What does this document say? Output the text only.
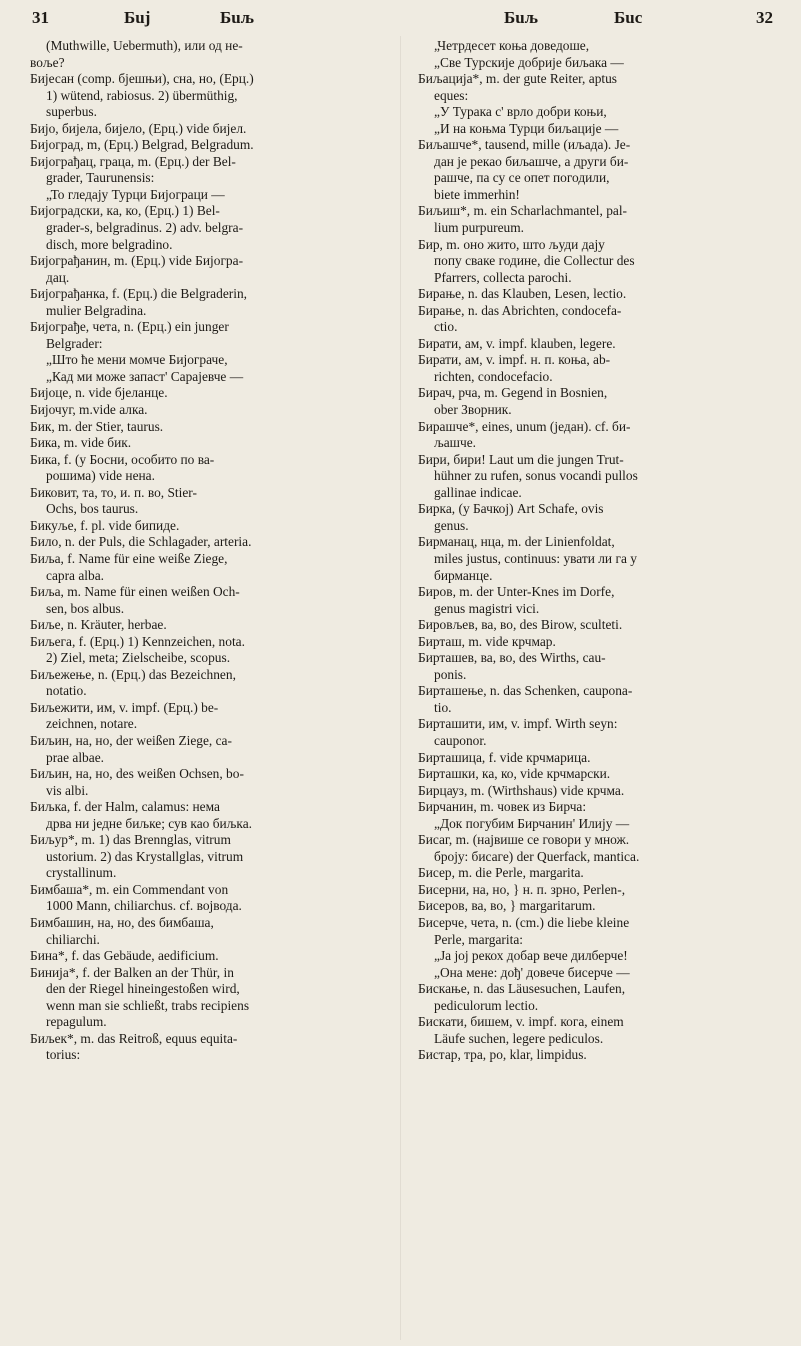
31	Бuj	Бuљ	Бuљ	Бuс	32
(Muthwille, Uebermuth), или од не-
воље?
Бијесан (comp. бјешњи), сна, но, (Ерц.)
1) wütend, rabiosus. 2) übermüthig,
superbus.
Бијо, бијела, бијело, (Ерц.) vide бијел.
Бијоград, m, (Ерц.) Belgrad, Belgradum.
Бијограђац, граца, m. (Ерц.) der Bel-
grader, Taurunensis:
„То гледају Турци Бијограци —
Бијоградски, ка, ко, (Ерц.) 1) Bel-
grader-s, belgradinus. 2) adv. belgra-
disch, more belgradino.
Бијограђанин, m. (Ерц.) vide Бијогра-
дац.
Бијограђанка, f. (Ерц.) die Belgraderin,
mulier Belgradina.
Бијограђе, чета, n. (Ерц.) ein junger
Belgrader:
„Што ће мени момче Бијограче,
„Кад ми може запаст' Сарајевче —
Бијоце, n. vide бјеланце.
Бијочуг, m.vide алка.
Бик, m. der Stier, taurus.
Бика, m. vide бик.
Бика, f. (у Босни, особито по ва-
рошима) vide нена.
Биковит, та, то, и. п. во, Stier-
Ochs, bos taurus.
Бикуље, f. pl. vide бипиде.
Било, n. der Puls, die Schlagader, arteria.
Биља, f. Name für eine weiße Ziege,
capra alba.
Биља, m. Name für einen weißen Och-
sen, bos albus.
Биље, n. Kräuter, herbae.
Биљега, f. (Ерц.) 1) Kennzeichen, nota.
2) Ziel, meta; Zielscheibe, scopus.
Биљежење, n. (Ерц.) das Bezeichnen,
notatio.
Биљежити, им, v. impf. (Ерц.) be-
zeichnen, notare.
Биљин, на, но, der weißen Ziege, ca-
prae albae.
Биљин, на, но, des weißen Ochsen, bo-
vis albi.
Биљка, f. der Halm, calamus: нема
дрва ни једне биљке; сув као биљка.
Биљур*, m. 1) das Brennglas, vitrum
ustorium. 2) das Krystallglas, vitrum
crystallinum.
Бимбаша*, m. ein Commendant von
1000 Mann, chiliarchus. cf. војвода.
Бимбашин, на, но, des бимбаша,
chiliarchi.
Бина*, f. das Gebäude, aedificium.
Бинија*, f. der Balken an der Thür, in
den der Riegel hineingestoßen wird,
wenn man sie schließt, trabs recipiens
repagulum.
Биљек*, m. das Reitroß, equus equita-
torius:
„Четрдесет коња доведоше,
„Све Турскије добрије биљака —
Биљација*, m. der gute Reiter, aptus
eques:
„У Турака с' врло добри коњи,
„И на коњма Турци биљације —
Биљашче*, tausend, mille (иљада). Je-
дан је рекао биљашче, а други би-
рашче, па су се опет погодили,
biete immerhin!
Биљиш*, m. ein Scharlachmantel, pal-
lium purpureum.
Бир, m. оно жито, што људи дају
попу сваке године, die Collectur des
Pfarrers, collecta parochi.
Бирање, n. das Klauben, Lesen, lectio.
Бирање, n. das Abrichten, condocefa-
ctio.
Бирати, ам, v. impf. klauben, legere.
Бирати, ам, v. impf. н. п. коња, ab-
richten, condocefacio.
Бирач, рча, m. Gegend in Bosnien,
ober Зворник.
Бирашче*, eines, unum (један). cf. би-
љашче.
Бири, бири! Laut um die jungen Trut-
hühner zu rufen, sonus vocandi pullos
gallinae indicae.
Бирка, (у Бачкој) Art Schafe, ovis
genus.
Бирманац, нца, m. der Linienfoldat,
miles justus, continuus: увати ли га у
бирманце.
Биров, m. der Unter-Knes im Dorfe,
genus magistri vici.
Бировљев, ва, во, des Birow, sculteti.
Бирташ, m. vide крчмар.
Бирташев, ва, во, des Wirths, cau-
ponis.
Бирташење, n. das Schenken, caupona-
tio.
Бирташити, им, v. impf. Wirth seyn:
cauponor.
Бирташица, f. vide крчмарица.
Бирташки, ка, ко, vide крчмарски.
Бирцауз, m. (Wirthshaus) vide крчма.
Бирчанин, m. човек из Бирча:
„Док погубим Бирчанин' Илију —
Бисаг, m. (највише се говори у множ.
броју: бисаге) der Querfack, mantica.
Бисер, m. die Perle, margarita.
Бисерни, на, но, } н. п. зрно, Perlen-,
Бисеров, ва, во, } margaritarum.
Бисерче, чета, n. (сm.) die liebe kleine
Perle, margarita:
„Ја јој рекох добар вече дилберче!
„Она мене: дођ' довече бисерче —
Бискање, n. das Läusesuchen, Laufen,
pediculorum lectio.
Бискати, бишем, v. impf. кога, einem
Läufe suchen, legere pediculos.
Бистар, тра, ро, klar, limpidus.
